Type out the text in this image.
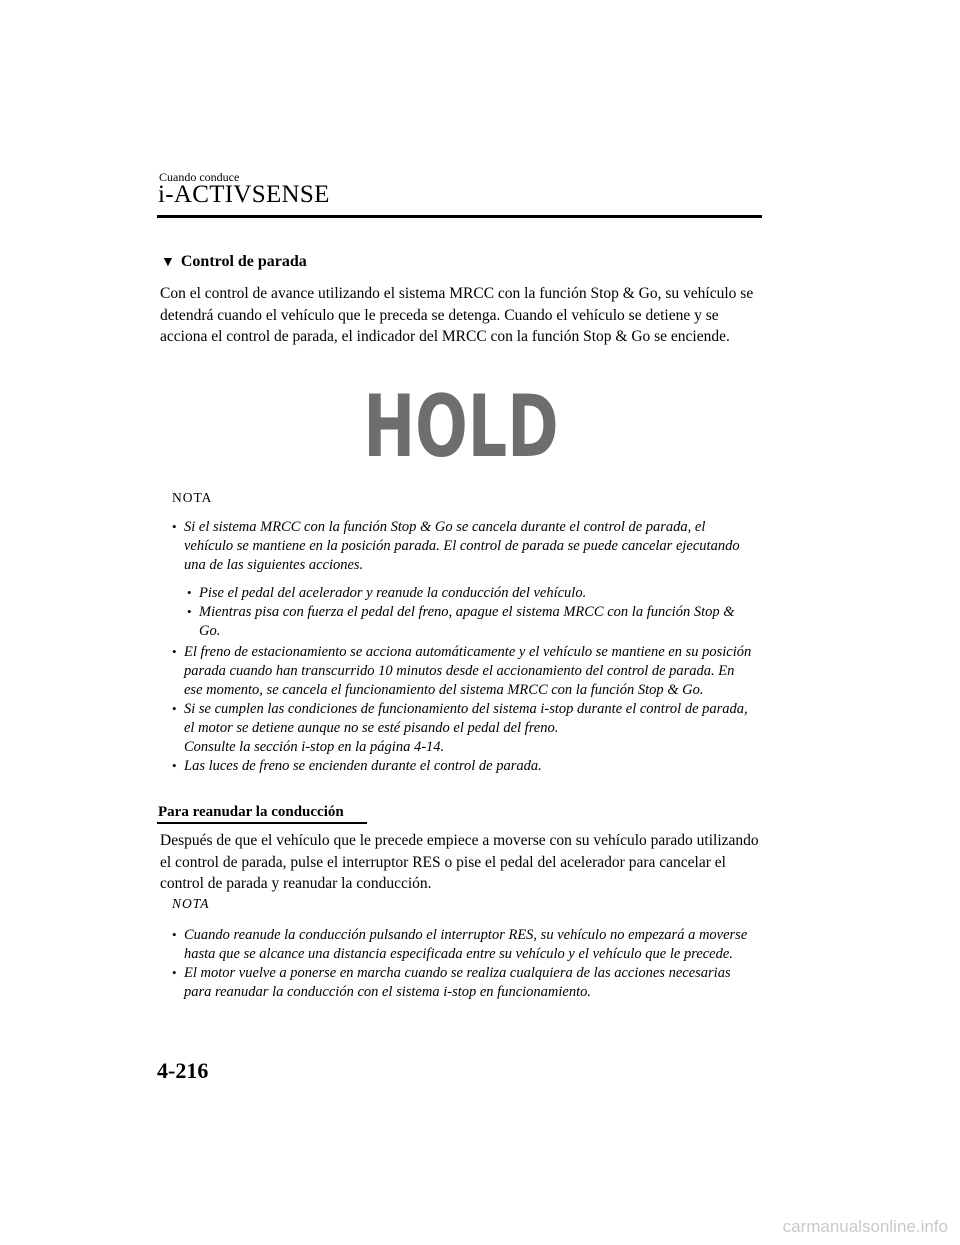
Cuando conduce
i-ACTIVSENSE
▼ Control de parada
Con el control de avance utilizando el sistema MRCC con la función Stop & Go, su vehículo se detendrá cuando el vehículo que le preceda se detenga. Cuando el vehículo se detiene y se acciona el control de parada, el indicador del MRCC con la función Stop & Go se enciende.
HOLD
NOTA
• Si el sistema MRCC con la función Stop & Go se cancela durante el control de parada, el vehículo se mantiene en la posición parada. El control de parada se puede cancelar ejecutando una de las siguientes acciones.
• Pise el pedal del acelerador y reanude la conducción del vehículo.
• Mientras pisa con fuerza el pedal del freno, apague el sistema MRCC con la función Stop & Go.
• El freno de estacionamiento se acciona automáticamente y el vehículo se mantiene en su posición parada cuando han transcurrido 10 minutos desde el accionamiento del control de parada. En ese momento, se cancela el funcionamiento del sistema MRCC con la función Stop & Go.
• Si se cumplen las condiciones de funcionamiento del sistema i-stop durante el control de parada, el motor se detiene aunque no se esté pisando el pedal del freno.
Consulte la sección i-stop en la página 4-14.
• Las luces de freno se encienden durante el control de parada.
Para reanudar la conducción
Después de que el vehículo que le precede empiece a moverse con su vehículo parado utilizando el control de parada, pulse el interruptor RES o pise el pedal del acelerador para cancelar el control de parada y reanudar la conducción.
NOTA
• Cuando reanude la conducción pulsando el interruptor RES, su vehículo no empezará a moverse hasta que se alcance una distancia especificada entre su vehículo y el vehículo que le precede.
• El motor vuelve a ponerse en marcha cuando se realiza cualquiera de las acciones necesarias para reanudar la conducción con el sistema i-stop en funcionamiento.
4-216
carmanualsonline.info
